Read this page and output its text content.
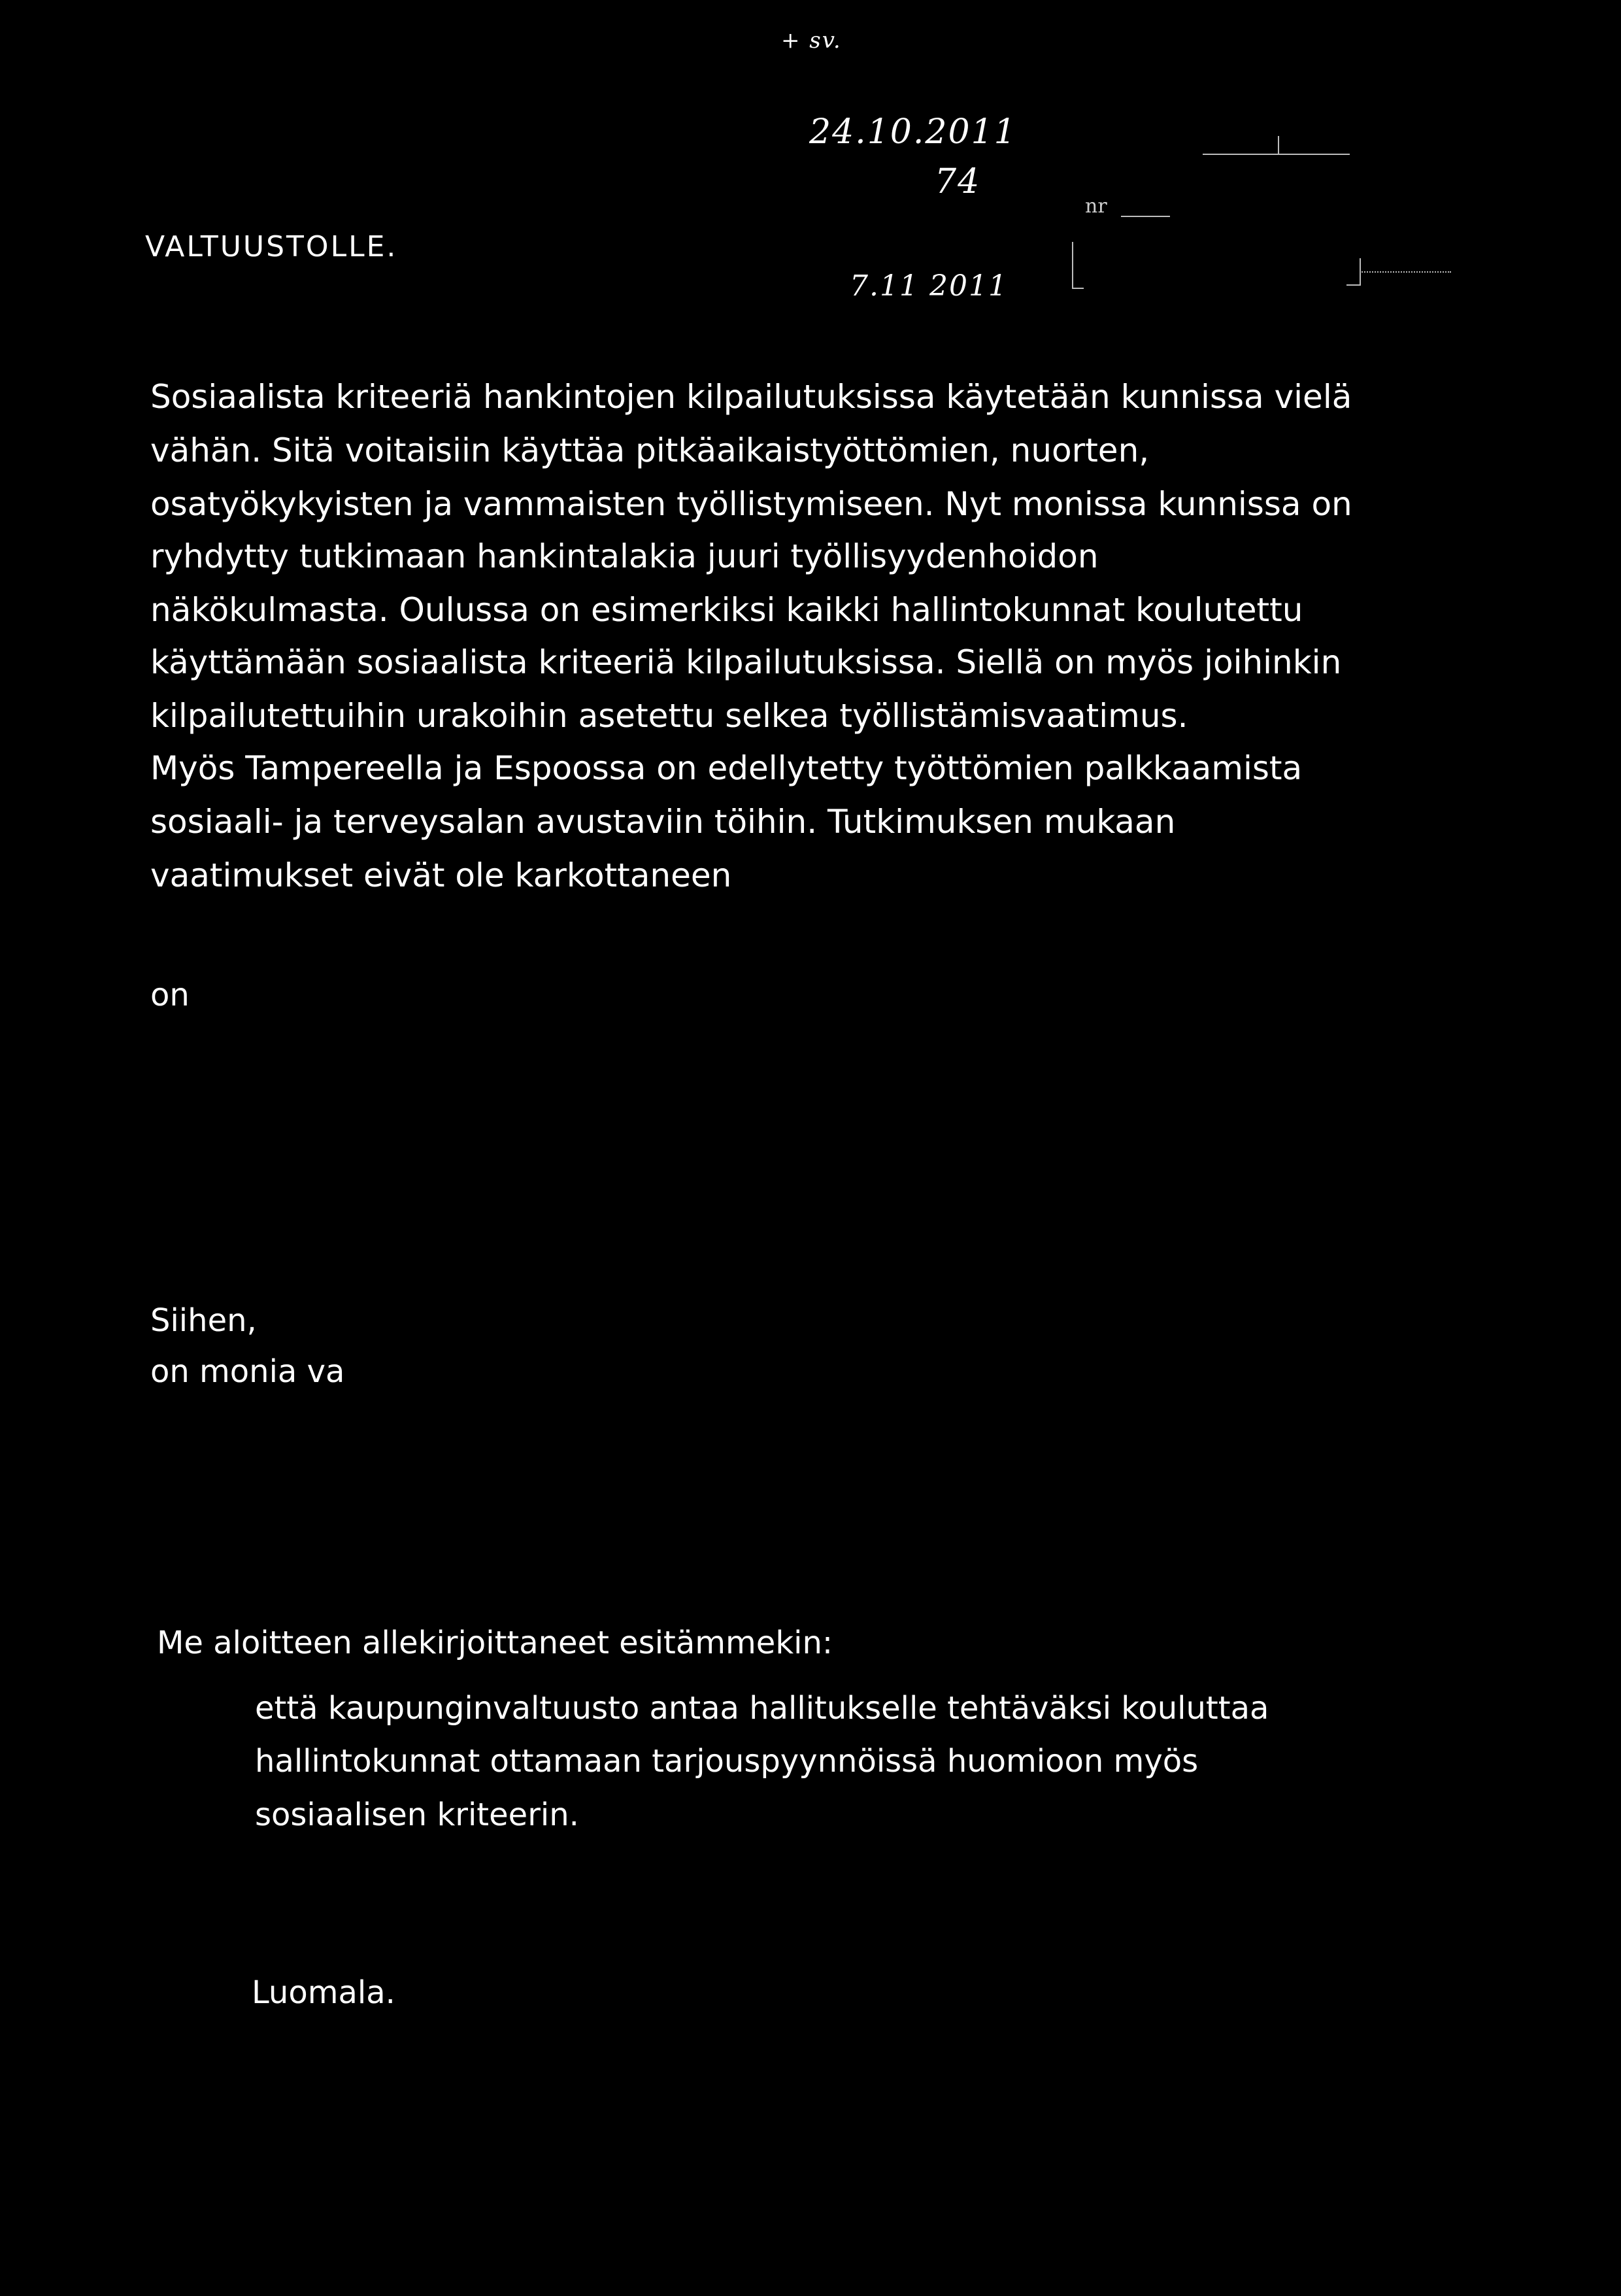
+ sv.
24.10.2011
74
7.11 2011
nr
VALTUUSTOLLE.
Sosiaalista kriteeriä hankintojen kilpailutuksissa käytetään kunnissa vielä
vähän. Sitä voitaisiin käyttäa pitkäaikaistyöttömien, nuorten,
osatyökykyisten ja vammaisten työllistymiseen. Nyt monissa kunnissa on
ryhdytty tutkimaan hankintalakia juuri työllisyydenhoidon
näkökulmasta. Oulussa on esimerkiksi kaikki hallintokunnat koulutettu
käyttämään sosiaalista kriteeriä kilpailutuksissa. Siellä on myös joihinkin
kilpailutettuihin urakoihin asetettu selkea työllistämisvaatimus.
Myös Tampereella ja Espoossa on edellytetty työttömien palkkaamista
sosiaali- ja terveysalan avustaviin töihin. Tutkimuksen mukaan
vaatimukset eivät ole karkottaneen
on
Siihen,
on monia va
Me aloitteen allekirjoittaneet esitämmekin:
että kaupunginvaltuusto antaa hallitukselle tehtäväksi kouluttaa
hallintokunnat ottamaan tarjouspyynnöissä huomioon myös
sosiaalisen kriteerin.
Luomala.
